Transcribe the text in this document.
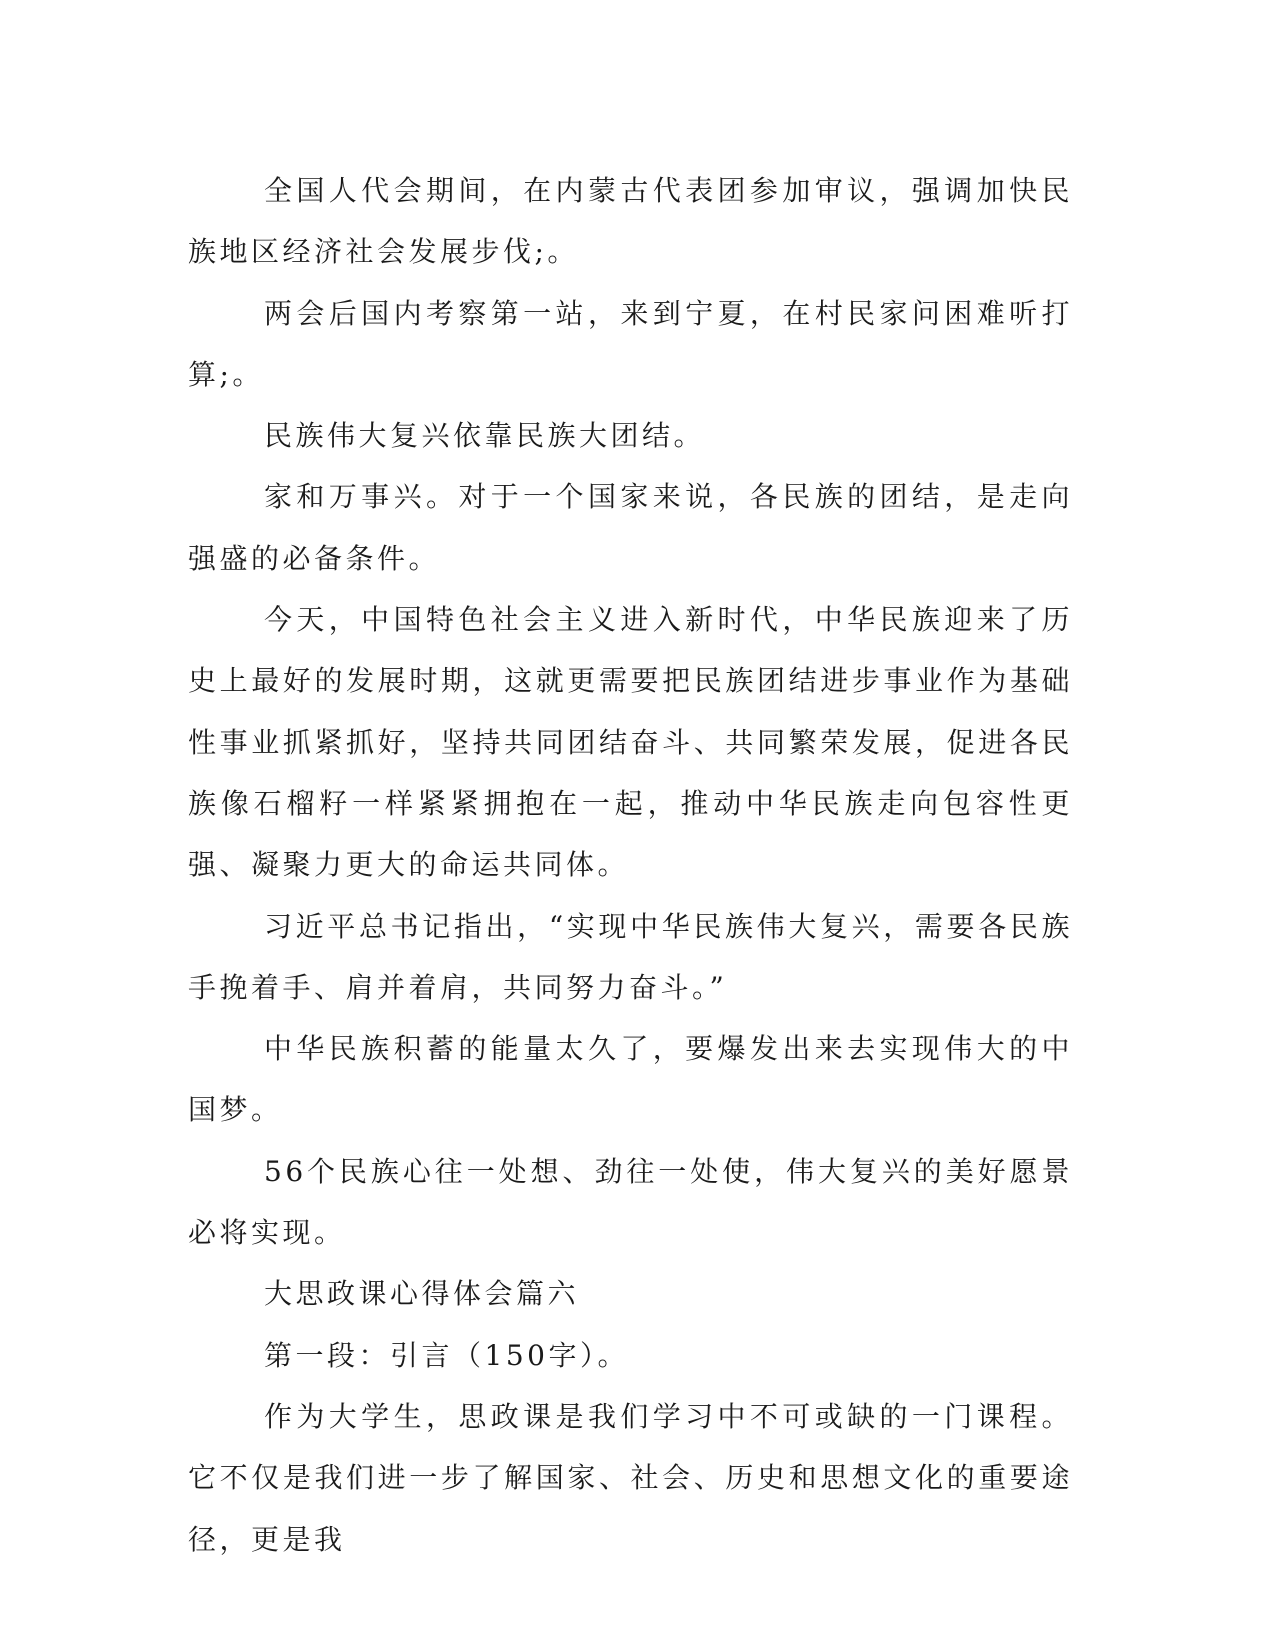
全国人代会期间，在内蒙古代表团参加审议，强调加快民族地区经济社会发展步伐;。

两会后国内考察第一站，来到宁夏，在村民家问困难听打算;。

民族伟大复兴依靠民族大团结。

家和万事兴。对于一个国家来说，各民族的团结，是走向强盛的必备条件。

今天，中国特色社会主义进入新时代，中华民族迎来了历史上最好的发展时期，这就更需要把民族团结进步事业作为基础性事业抓紧抓好，坚持共同团结奋斗、共同繁荣发展，促进各民族像石榴籽一样紧紧拥抱在一起，推动中华民族走向包容性更强、凝聚力更大的命运共同体。

习近平总书记指出，“实现中华民族伟大复兴，需要各民族手挽着手、肩并着肩，共同努力奋斗。”

中华民族积蓄的能量太久了，要爆发出来去实现伟大的中国梦。

56个民族心往一处想、劲往一处使，伟大复兴的美好愿景必将实现。

大思政课心得体会篇六

第一段：引言（150字）。

作为大学生，思政课是我们学习中不可或缺的一门课程。它不仅是我们进一步了解国家、社会、历史和思想文化的重要途径，更是我
